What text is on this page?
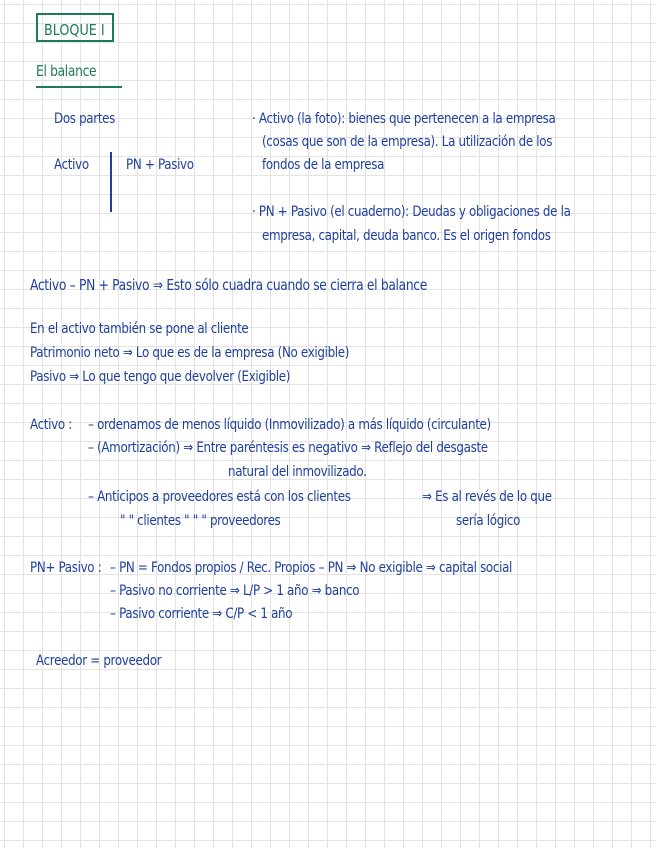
BLOQUE I
El balance
Dos partes
Activo	PN + Pasivo
· Activo (la foto): bienes que pertenecen a la empresa
(cosas que son de la empresa). La utilización de los
fondos de la empresa
· PN + Pasivo (el cuaderno): Deudas y obligaciones de la
empresa, capital, deuda banco. Es el origen fondos
Activo – PN + Pasivo ⇒ Esto sólo cuadra cuando se cierra el balance
En el activo también se pone al cliente
Patrimonio neto ⇒ Lo que es de la empresa (No exigible)
Pasivo ⇒ Lo que tengo que devolver (Exigible)
Activo : – ordenamos de menos líquido (Inmovilizado) a más líquido (circulante)
– (Amortización) ⇒ Entre paréntesis es negativo ⇒ Reflejo del desgaste
natural del inmovilizado.
– Anticipos a proveedores está con los clientes	⇒ Es al revés de lo que
" " clientes " " " proveedores	sería lógico
PN+ Pasivo : – PN = Fondos propios / Rec. Propios – PN ⇒ No exigible ⇒ capital social
– Pasivo no corriente ⇒ L/P > 1 año ⇒ banco
– Pasivo corriente ⇒ C/P < 1 año
Acreedor = proveedor
